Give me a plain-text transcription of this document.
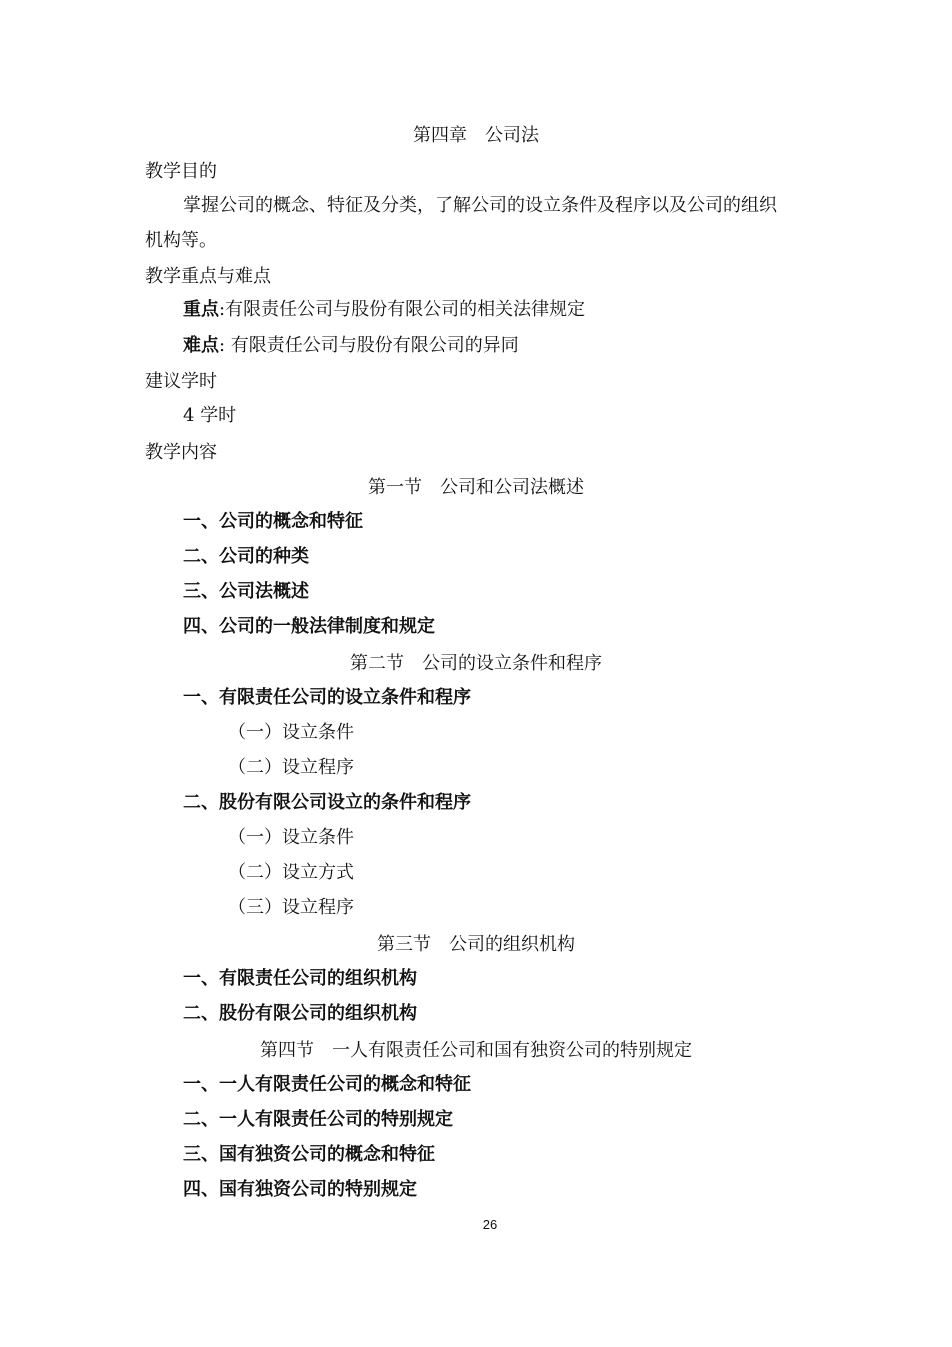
第四章　公司法
教学目的
掌握公司的概念、特征及分类，了解公司的设立条件及程序以及公司的组织
机构等。
教学重点与难点
重点:有限责任公司与股份有限公司的相关法律规定
难点: 有限责任公司与股份有限公司的异同
建议学时
4 学时
教学内容
第一节　公司和公司法概述
一、公司的概念和特征
二、公司的种类
三、公司法概述
四、公司的一般法律制度和规定
第二节　公司的设立条件和程序
一、有限责任公司的设立条件和程序
（一）设立条件
（二）设立程序
二、股份有限公司设立的条件和程序
（一）设立条件
（二）设立方式
（三）设立程序
第三节　公司的组织机构
一、有限责任公司的组织机构
二、股份有限公司的组织机构
第四节　一人有限责任公司和国有独资公司的特别规定
一、一人有限责任公司的概念和特征
二、一人有限责任公司的特别规定
三、国有独资公司的概念和特征
四、国有独资公司的特别规定
26
